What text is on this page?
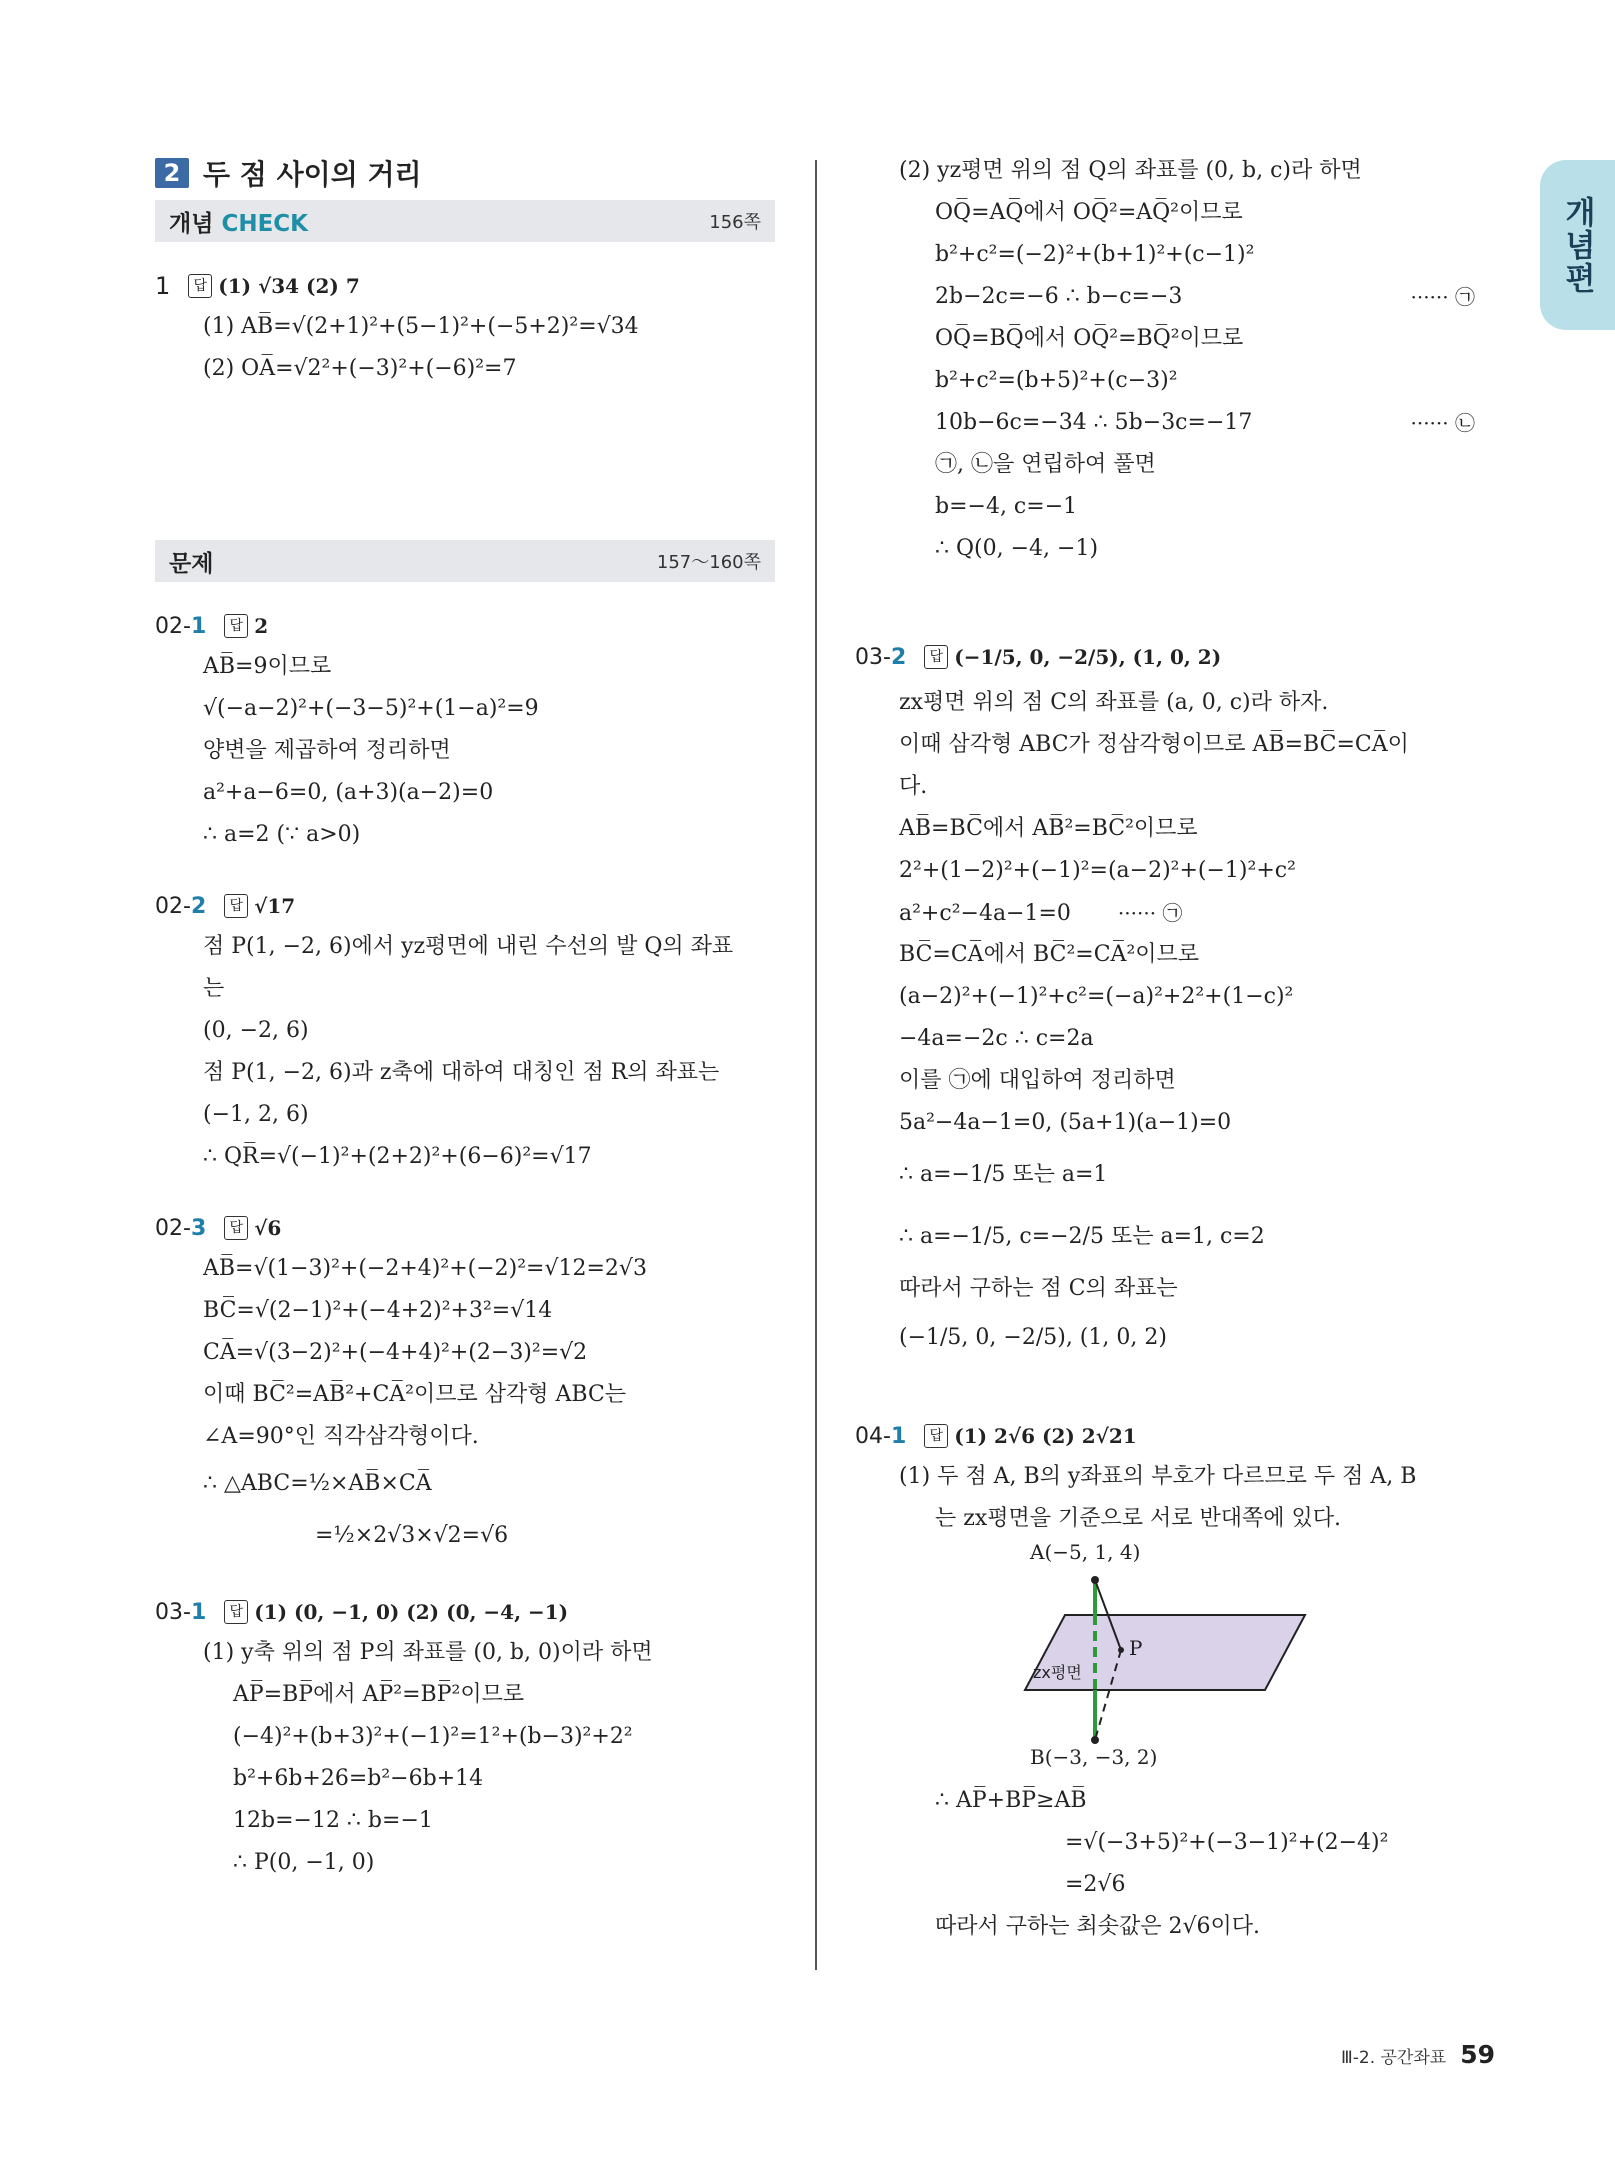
개념편
2 두 점 사이의 거리
개념 CHECK	156쪽
1	답 (1) √34 (2) 7
(1) AB̅=√(2+1)²+(5−1)²+(−5+2)²=√34
(2) OA̅=√2²+(−3)²+(−6)²=7
문제	157～160쪽
02-1	답 2
AB̅=9이므로
√(−a−2)²+(−3−5)²+(1−a)²=9
양변을 제곱하여 정리하면
a²+a−6=0, (a+3)(a−2)=0
∴ a=2 (∵ a>0)
02-2	답 √17
점 P(1, −2, 6)에서 yz평면에 내린 수선의 발 Q의 좌표
는
(0, −2, 6)
점 P(1, −2, 6)과 z축에 대하여 대칭인 점 R의 좌표는
(−1, 2, 6)
∴ QR̅=√(−1)²+(2+2)²+(6−6)²=√17
02-3	답 √6
AB̅=√(1−3)²+(−2+4)²+(−2)²=√12=2√3
BC̅=√(2−1)²+(−4+2)²+3²=√14
CA̅=√(3−2)²+(−4+4)²+(2−3)²=√2
이때 BC̅²=AB̅²+CA̅²이므로 삼각형 ABC는
∠A=90°인 직각삼각형이다.
∴ △ABC=½×AB̅×CA̅
=½×2√3×√2=√6
03-1	답 (1) (0, −1, 0) (2) (0, −4, −1)
(1) y축 위의 점 P의 좌표를 (0, b, 0)이라 하면
AP̅=BP̅에서 AP̅²=BP̅²이므로
(−4)²+(b+3)²+(−1)²=1²+(b−3)²+2²
b²+6b+26=b²−6b+14
12b=−12 ∴ b=−1
∴ P(0, −1, 0)
(2) yz평면 위의 점 Q의 좌표를 (0, b, c)라 하면
OQ̅=AQ̅에서 OQ̅²=AQ̅²이므로
b²+c²=(−2)²+(b+1)²+(c−1)²
2b−2c=−6 ∴ b−c=−3	······ ㉠
OQ̅=BQ̅에서 OQ̅²=BQ̅²이므로
b²+c²=(b+5)²+(c−3)²
10b−6c=−34 ∴ 5b−3c=−17	······ ㉡
㉠, ㉡을 연립하여 풀면
b=−4, c=−1
∴ Q(0, −4, −1)
03-2	답 (−1/5, 0, −2/5), (1, 0, 2)
zx평면 위의 점 C의 좌표를 (a, 0, c)라 하자.
이때 삼각형 ABC가 정삼각형이므로 AB̅=BC̅=CA̅이
다.
AB̅=BC̅에서 AB̅²=BC̅²이므로
2²+(1−2)²+(−1)²=(a−2)²+(−1)²+c²
a²+c²−4a−1=0 ······ ㉠
BC̅=CA̅에서 BC̅²=CA̅²이므로
(a−2)²+(−1)²+c²=(−a)²+2²+(1−c)²
−4a=−2c ∴ c=2a
이를 ㉠에 대입하여 정리하면
5a²−4a−1=0, (5a+1)(a−1)=0
∴ a=−1/5 또는 a=1
∴ a=−1/5, c=−2/5 또는 a=1, c=2
따라서 구하는 점 C의 좌표는
(−1/5, 0, −2/5), (1, 0, 2)
04-1	답 (1) 2√6 (2) 2√21
(1) 두 점 A, B의 y좌표의 부호가 다르므로 두 점 A, B
는 zx평면을 기준으로 서로 반대쪽에 있다.
A(−5, 1, 4)
B(−3, −3, 2)
P
zx평면
∴ AP̅+BP̅≥AB̅
=√(−3+5)²+(−3−1)²+(2−4)²
=2√6
따라서 구하는 최솟값은 2√6이다.
Ⅲ-2. 공간좌표 59
